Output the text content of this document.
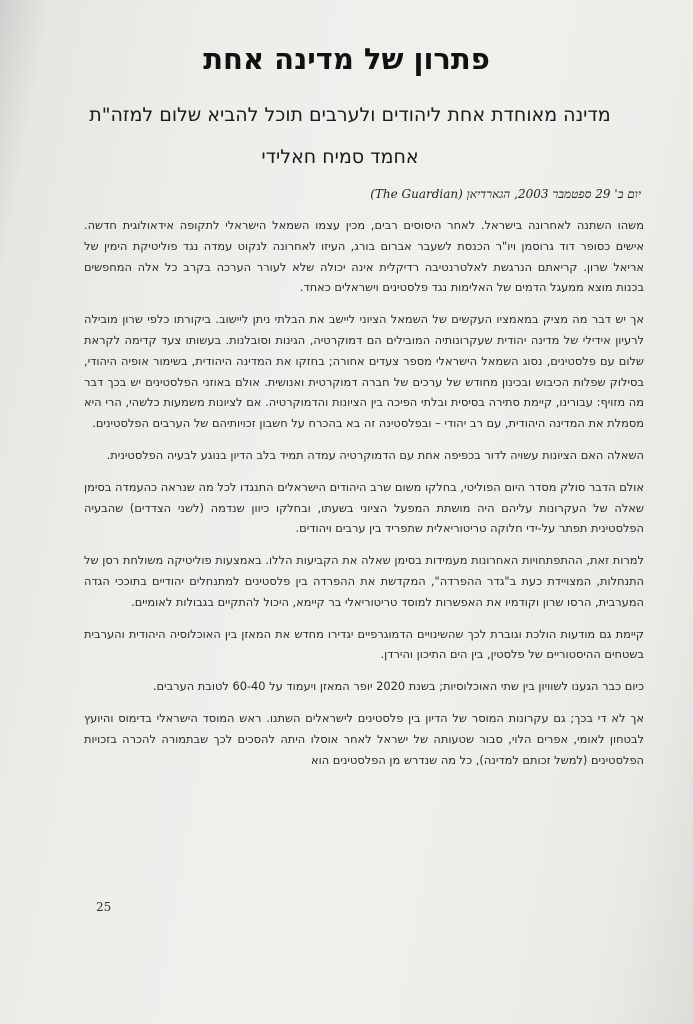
פתרון של מדינה אחת
מדינה מאוחדת אחת ליהודים ולערבים תוכל להביא שלום למזה"ת
אחמד סמיח חאלידי
יום ב' 29 ספטמבר 2003, הגארדיאן (The Guardian)

משהו השתנה לאחרונה בישראל. לאחר היסוסים רבים, מכין עצמו השמאל הישראלי לתקופה אידאולוגית חדשה. אישים כסופר דוד גרוסמן ויו"ר הכנסת לשעבר אברום בורג, העיזו לאחרונה לנקוט עמדה נגד פוליטיקת הימין של אריאל שרון. קריאתם הנרגשת לאלטרנטיבה רדיקלית אינה יכולה שלא לעורר הערכה בקרב כל אלה המחפשים בכנות מוצא ממעגל הדמים של האלימות נגד פלסטינים וישראלים כאחד.

אך יש דבר מה מציק במאמציו העקשים של השמאל הציוני ליישב את הבלתי ניתן ליישוב. ביקורתו כלפי שרון מובילה לרעיון אידילי של מדינה יהודית שעקרונותיה המובילים הם דמוקרטיה, הגינות וסובלנות. בעשותו צעד קדימה לקראת שלום עם פלסטינים, נסוג השמאל הישראלי מספר צעדים אחורה; בחזקו את המדינה היהודית, בשימור אופיה היהודי, בסילוק שפלות הכיבוש ובכינון מחודש של ערכים של חברה דמוקרטית ואנושית. אולם באוזני הפלסטינים יש בכך דבר מה מזויף: עבורינו, קיימת סתירה בסיסית ובלתי הפיכה בין הציונות והדמוקרטיה. אם לציונות משמעות כלשהי, הרי היא מסמלת את המדינה היהודית, עם רב יהודי – ובפלסטינה זה בא בהכרח על חשבון זכויותיהם של הערבים הפלסטינים.

השאלה האם הציונות עשויה לדור בכפיפה אחת עם הדמוקרטיה עמדה תמיד בלב הדיון בנוגע לבעיה הפלסטינית.

אולם הדבר סולק מסדר היום הפוליטי, בחלקו משום שרב היהודים הישראלים התנגדו לכל מה שנראה כהעמדה בסימן שאלה של העקרונות עליהם היה מושתת המפעל הציוני בשעתו, ובחלקו כיוון שנדמה (לשני הצדדים) שהבעיה הפלסטינית תפתר על-ידי חלוקה טריטוריאלית שתפריד בין ערבים ויהודים.

למרות זאת, ההתפתחויות האחרונות מעמידות בסימן שאלה את הקביעות הללו. באמצעות פוליטיקה משולחת רסן של התנחלות, המצויידת כעת ב"גדר ההפרדה", המקדשת את ההפרדה בין פלסטינים למתנחלים יהודיים בתוככי הגדה המערבית, הרסו שרון וקודמיו את האפשרות למוסד טריטוריאלי בר קיימא, היכול להתקיים בגבולות לאומיים.

קיימת גם מודעות הולכת וגוברת לכך שהשינויים הדמוגרפיים יגדירו מחדש את המאזן בין האוכלוסיה היהודית והערבית בשטחים ההיסטוריים של פלסטין, בין הים התיכון והירדן.

כיום כבר הגענו לשוויון בין שתי האוכלוסיות; בשנת 2020 יופר המאזן ויעמוד על 60-40 לטובת הערבים.

אך לא די בכך; גם עקרונות המוסר של הדיון בין פלסטינים לישראלים השתנו. ראש המוסד הישראלי בדימוס והיועץ לבטחון לאומי, אפרים הלוי, סבור שטעותה של ישראל לאחר אוסלו היתה להסכים לכך שבתמורה להכרה בזכויות הפלסטינים (למשל זכותם למדינה), כל מה שנדרש מן הפלסטינים הוא

25
